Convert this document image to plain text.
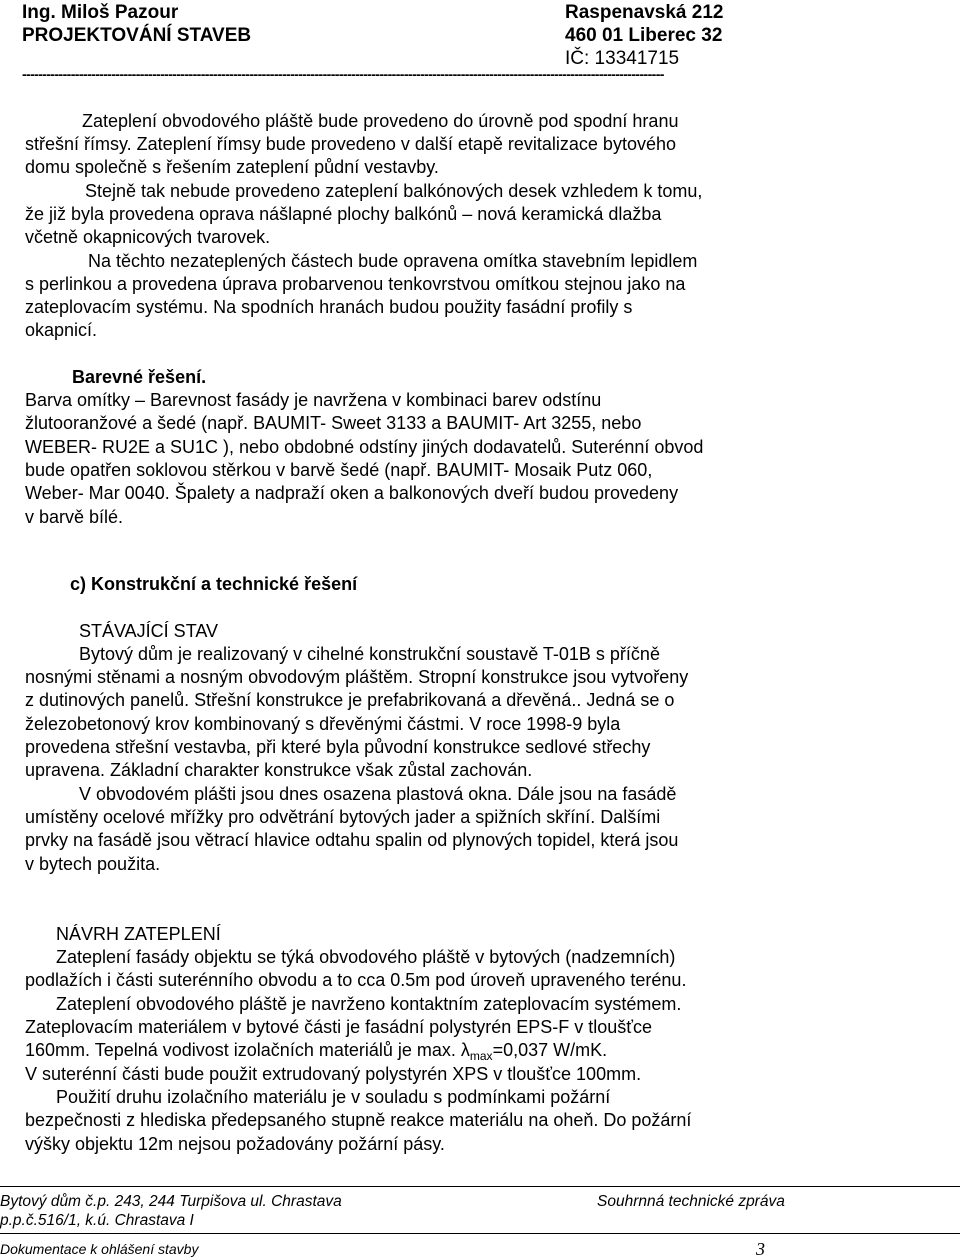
Ing. Miloš Pazour
PROJEKTOVÁNÍ STAVEB
Raspenavská 212
460 01 Liberec 32
IČ: 13341715
--------------------------------------------------------------------------------------------------------------------------------------------------------------
Zateplení obvodového pláště bude provedeno do úrovně pod spodní hranu
střešní římsy. Zateplení římsy bude provedeno v další etapě revitalizace bytového
domu společně s řešením zateplení půdní vestavby.
Stejně tak nebude provedeno zateplení balkónových desek vzhledem k tomu,
že již byla provedena oprava nášlapné plochy balkónů – nová keramická dlažba
včetně okapnicových tvarovek.
Na těchto nezateplených částech bude opravena omítka stavebním lepidlem
s perlinkou a provedena úprava probarvenou tenkovrstvou omítkou stejnou jako na
zateplovacím systému. Na spodních hranách budou použity fasádní profily s
okapnicí.
Barevné řešení.
Barva omítky – Barevnost fasády je navržena v kombinaci barev odstínu
žlutooranžové a šedé (např. BAUMIT- Sweet 3133 a BAUMIT- Art 3255, nebo
WEBER- RU2E a SU1C ), nebo obdobné odstíny jiných dodavatelů. Suterénní obvod
bude opatřen soklovou stěrkou v barvě šedé (např. BAUMIT- Mosaik Putz 060,
Weber- Mar 0040. Špalety a nadpraží oken a balkonových dveří budou provedeny
v barvě bílé.
c) Konstrukční a technické řešení
STÁVAJÍCÍ STAV
Bytový dům je realizovaný v cihelné konstrukční soustavě T-01B s příčně
nosnými stěnami a nosným obvodovým pláštěm. Stropní konstrukce jsou vytvořeny
z dutinových panelů. Střešní konstrukce je prefabrikovaná a dřevěná.. Jedná se o
železobetonový krov kombinovaný s dřevěnými částmi. V roce 1998-9 byla
provedena střešní vestavba, při které byla původní konstrukce sedlové střechy
upravena. Základní charakter konstrukce však zůstal zachován.
V obvodovém plášti jsou dnes osazena plastová okna. Dále jsou na fasádě
umístěny ocelové mřížky pro odvětrání bytových jader a spižních skříní. Dalšími
prvky na fasádě jsou větrací hlavice odtahu spalin od plynových topidel, která jsou
v bytech použita.
NÁVRH ZATEPLENÍ
Zateplení fasády objektu se týká obvodového pláště v bytových (nadzemních)
podlažích i části suterénního obvodu a to cca 0.5m pod úroveň upraveného terénu.
Zateplení obvodového pláště je navrženo kontaktním zateplovacím systémem.
Zateplovacím materiálem v bytové části je fasádní polystyrén EPS-F v tloušťce
160mm. Tepelná vodivost izolačních materiálů je max. $\lambda_{max}=0,037$ W/mK.
V suterénní části bude použit extrudovaný polystyrén XPS v tloušťce 100mm.
Použití druhu izolačního materiálu je v souladu s podmínkami požární
bezpečnosti z hlediska předepsaného stupně reakce materiálu na oheň. Do požární
výšky objektu 12m nejsou požadovány požární pásy.
Bytový dům č.p. 243, 244 Turpišova ul. Chrastava
p.p.č.516/1, k.ú. Chrastava I
Souhrnná technické zpráva
Dokumentace k ohlášení stavby	3
